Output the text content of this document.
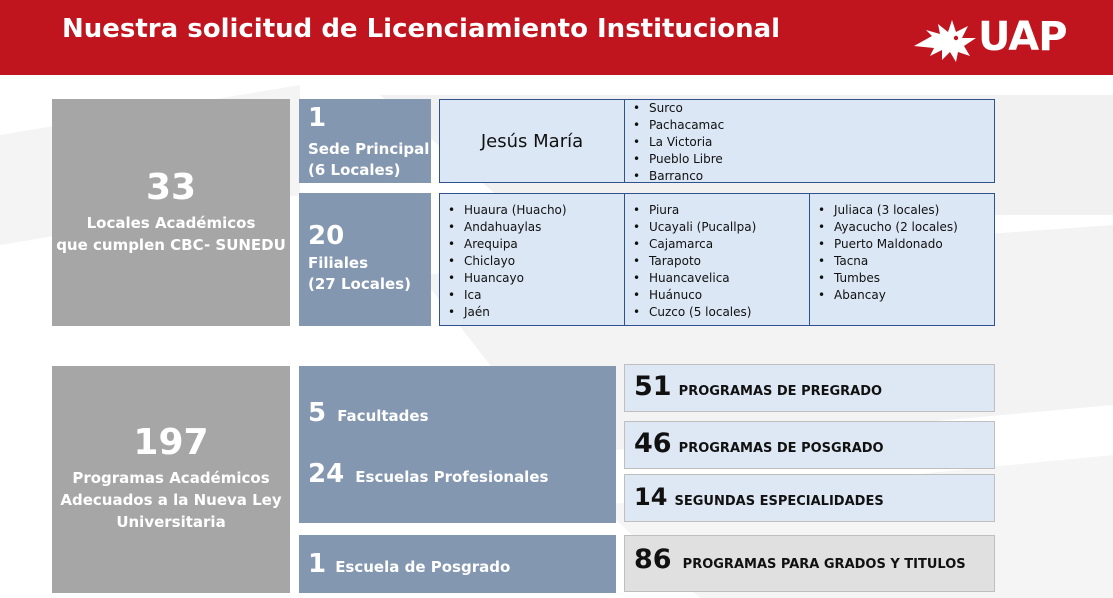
Nuestra solicitud de Licenciamiento Institucional	UAP
33
Locales Académicos
que cumplen CBC- SUNEDU
1
Sede Principal
(6 Locales)
Jesús María
• Surco
• Pachacamac
• La Victoria
• Pueblo Libre
• Barranco
20
Filiales
(27 Locales)
• Huaura (Huacho)
• Andahuaylas
• Arequipa
• Chiclayo
• Huancayo
• Ica
• Jaén
• Piura
• Ucayali (Pucallpa)
• Cajamarca
• Tarapoto
• Huancavelica
• Huánuco
• Cuzco (5 locales)
• Juliaca (3 locales)
• Ayacucho (2 locales)
• Puerto Maldonado
• Tacna
• Tumbes
• Abancay
197
Programas Académicos
Adecuados a la Nueva Ley
Universitaria
5 Facultades
24 Escuelas Profesionales
1 Escuela de Posgrado
51 PROGRAMAS DE PREGRADO
46 PROGRAMAS DE POSGRADO
14 SEGUNDAS ESPECIALIDADES
86 PROGRAMAS PARA GRADOS Y TITULOS
